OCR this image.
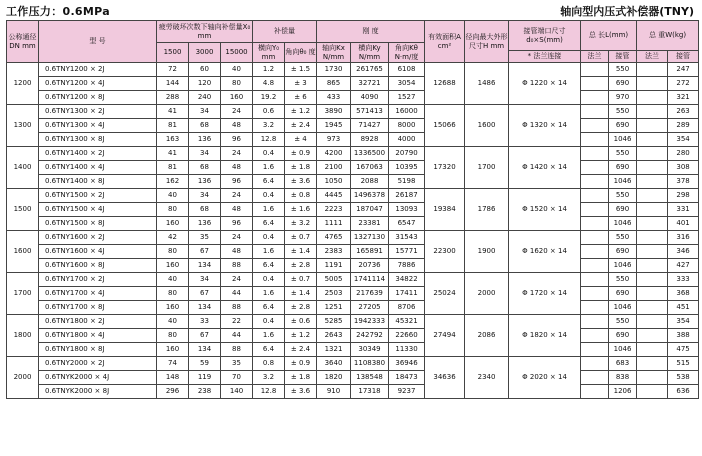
工作压力：0.6MPa	轴向型内压式补偿器(TNY)
公称通径DN mm	型 号	疲劳破坏次数下轴向补偿量X₀ mm			补偿量		刚 度			有效面积A cm²	径向最大外形尺寸H mm	接管端口尺寸d₀×S(mm)	总 长L(mm)		总 重W(kg)	
		1500	3000	15000	横向Y₀ mm	角向θ₀ 度	轴向Kx N/mm	横向Ky N/mm	角向Kθ N·m/度							

												* 法兰连接	法兰	接管	法兰	接管
1200	0.6TNY1200 × 2J	72	60	40	1.2	± 1.5	1730	261765	6108	12688	1486	Φ 1220 × 14		550		247
	0.6TNY1200 × 4J	144	120	80	4.8	± 3	865	32721	3054					690		272
	0.6TNY1200 × 8J	288	240	160	19.2	± 6	433	4090	1527					970		321
1300	0.6TNY1300 × 2J	41	34	24	0.6	± 1.2	3890	571413	16000	15066	1600	Φ 1320 × 14		550		263
	0.6TNY1300 × 4J	81	68	48	3.2	± 2.4	1945	71427	8000					690		289
	0.6TNY1300 × 8J	163	136	96	12.8	± 4	973	8928	4000					1046		354
1400	0.6TNY1400 × 2J	41	34	24	0.4	± 0.9	4200	1336500	20790	17320	1700	Φ 1420 × 14		550		280
	0.6TNY1400 × 4J	81	68	48	1.6	± 1.8	2100	167063	10395					690		308
	0.6TNY1400 × 8J	162	136	96	6.4	± 3.6	1050	2088	5198					1046		378
1500	0.6TNY1500 × 2J	40	34	24	0.4	± 0.8	4445	1496378	26187	19384	1786	Φ 1520 × 14		550		298
	0.6TNY1500 × 4J	80	68	48	1.6	± 1.6	2223	187047	13093					690		331
	0.6TNY1500 × 8J	160	136	96	6.4	± 3.2	1111	23381	6547					1046		401
1600	0.6TNY1600 × 2J	42	35	24	0.4	± 0.7	4765	1327130	31543	22300	1900	Φ 1620 × 14		550		316
	0.6TNY1600 × 4J	80	67	48	1.6	± 1.4	2383	165891	15771					690		346
	0.6TNY1600 × 8J	160	134	88	6.4	± 2.8	1191	20736	7886					1046		427
1700	0.6TNY1700 × 2J	40	34	24	0.4	± 0.7	5005	1741114	34822	25024	2000	Φ 1720 × 14		550		333
	0.6TNY1700 × 4J	80	67	44	1.6	± 1.4	2503	217639	17411					690		368
	0.6TNY1700 × 8J	160	134	88	6.4	± 2.8	1251	27205	8706					1046		451
1800	0.6TNY1800 × 2J	40	33	22	0.4	± 0.6	5285	1942333	45321	27494	2086	Φ 1820 × 14		550		354
	0.6TNY1800 × 4J	80	67	44	1.6	± 1.2	2643	242792	22660					690		388
	0.6TNY1800 × 8J	160	134	88	6.4	± 2.4	1321	30349	11330					1046		475
2000	0.6TNY2000 × 2J	74	59	35	0.8	± 0.9	3640	1108380	36946	34636	2340	Φ 2020 × 14		683		515
	0.6TNYK2000 × 4J	148	119	70	3.2	± 1.8	1820	138548	18473					838		538
	0.6TNYK2000 × 8J	296	238	140	12.8	± 3.6	910	17318	9237					1206		636
